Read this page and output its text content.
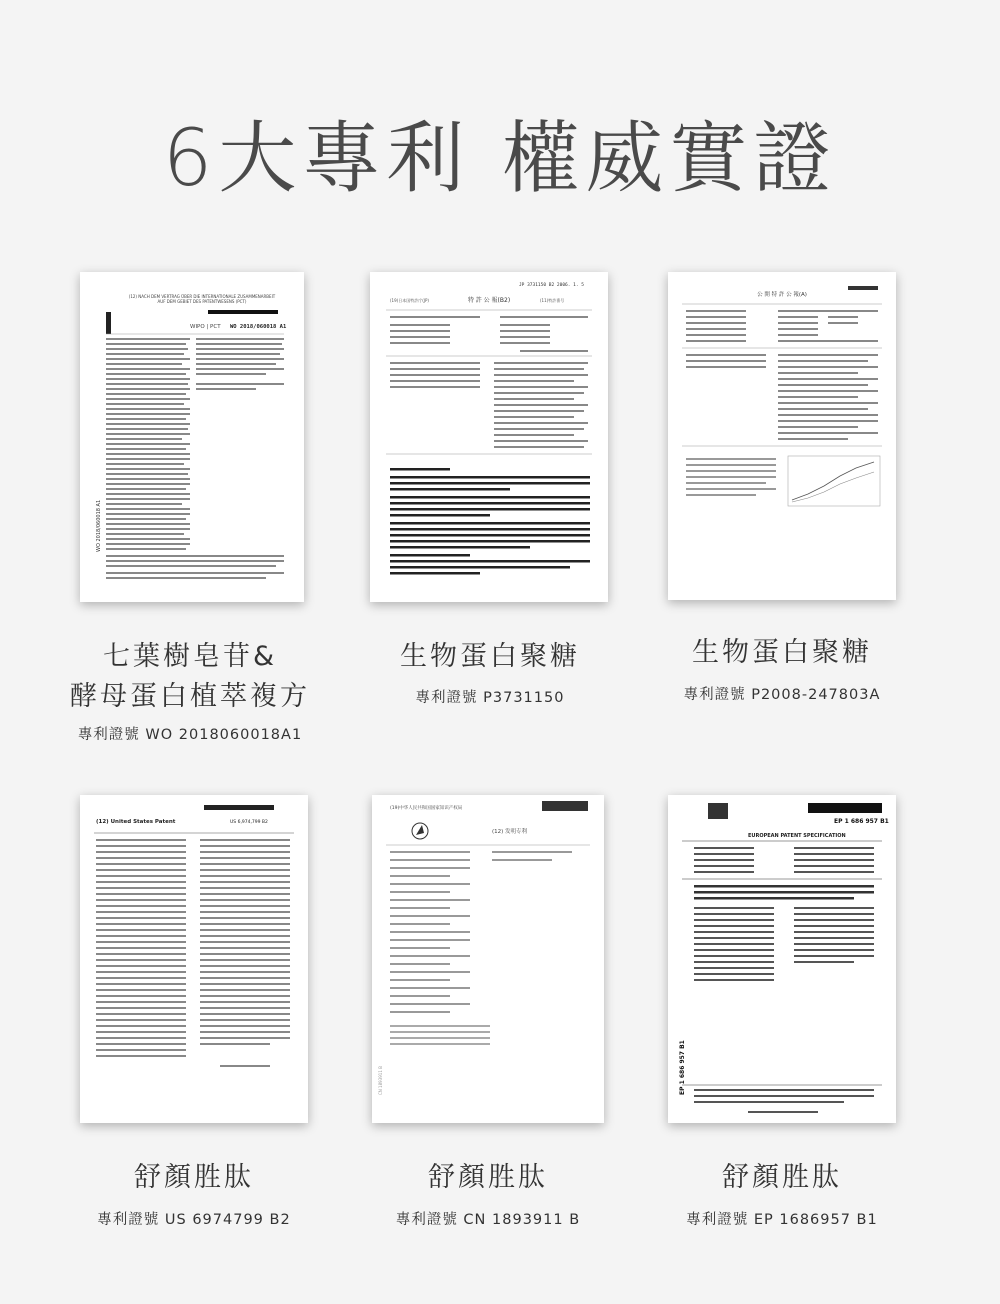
6大專利 權威實證
(12) NACH DEM VERTRAG ÜBER DIE INTERNATIONALE ZUSAMMENARBEIT
AUF DEM GEBIET DES PATENTWESENS (PCT)
WO 2018/060018 A1
WIPO | PCT
WO 2018/060018 A1
JP 3731150 B2 2006. 1. 5
特 許 公 報(B2)
(19)日本国特許庁(JP)	(11)特許番号
公 開 特 許 公 報(A)
(12) United States Patent	US 6,974,799 B2
(19)中华人民共和国国家知识产权局
(12) 发明专利
CN 1893911 B
EP 1 686 957 B1
EUROPEAN PATENT SPECIFICATION
EP 1 686 957 B1
七葉樹皂苷&
酵母蛋白植萃複方
專利證號 WO 2018060018A1
生物蛋白聚糖
專利證號 P3731150
生物蛋白聚糖
專利證號 P2008-247803A
舒顏胜肽
專利證號 US 6974799 B2
舒顏胜肽
專利證號 CN 1893911 B
舒顏胜肽
專利證號 EP 1686957 B1
